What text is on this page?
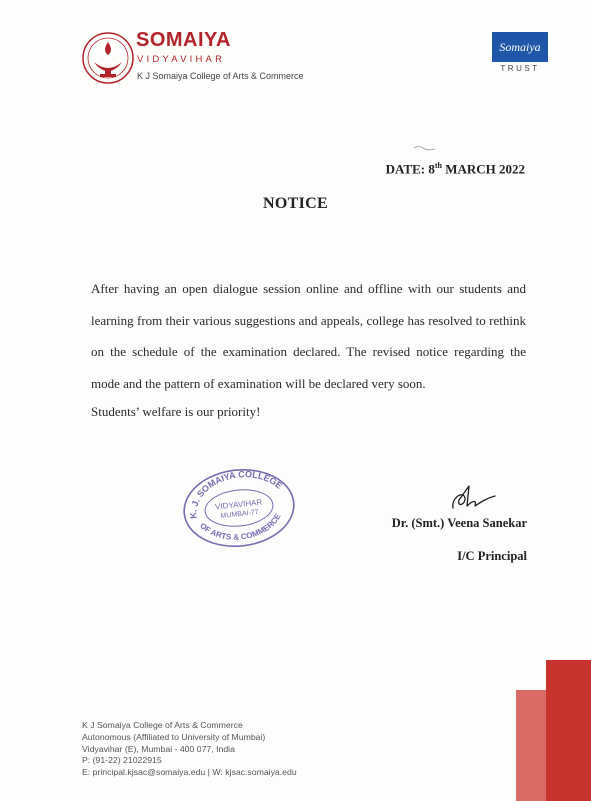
SOMAIYA
VIDYAVIHAR
K J Somaiya College of Arts & Commerce
Somaiya
TRUST
DATE: 8th MARCH 2022
NOTICE

After having an open dialogue session online and offline with our students and learning from their various suggestions and appeals, college has resolved to rethink on the schedule of the examination declared. The revised notice regarding the mode and the pattern of examination will be declared very soon.

Students’ welfare is our priority!

K. J. SOMAIYA COLLEGE
OF ARTS & COMMERCE
VIDYAVIHAR
MUMBAI-77
Dr. (Smt.) Veena Sanekar
I/C Principal
K J Somaiya College of Arts & Commerce
Autonomous (Affiliated to University of Mumbai)
Vidyavihar (E), Mumbai - 400 077, India
P: (91-22) 21022915
E: principal.kjsac@somaiya.edu | W: kjsac.somaiya.edu
